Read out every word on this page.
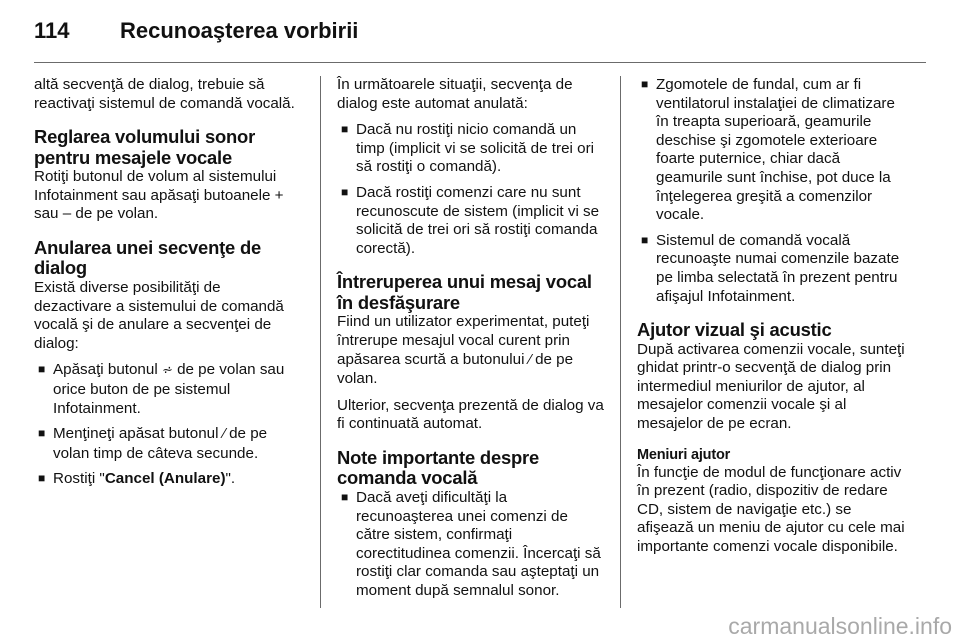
114	Recunoaşterea vorbirii

altă secvenţă de dialog, trebuie să reactivaţi sistemul de comandă vocală.

Reglarea volumului sonor pentru mesajele vocale

Rotiţi butonul de volum al sistemului Infotainment sau apăsaţi butoanele + sau – de pe volan.

Anularea unei secvenţe de dialog

Există diverse posibilităţi de dezactivare a sistemului de comandă vocală şi de anulare a secvenţei de dialog:

■ Apăsaţi butonul ⩫ de pe volan sau orice buton de pe sistemul Infotainment.
■ Menţineţi apăsat butonul ⁄ de pe volan timp de câteva secunde.
■ Rostiţi "Cancel (Anulare)".

În următoarele situaţii, secvenţa de dialog este automat anulată:

■ Dacă nu rostiţi nicio comandă un timp (implicit vi se solicită de trei ori să rostiţi o comandă).
■ Dacă rostiţi comenzi care nu sunt recunoscute de sistem (implicit vi se solicită de trei ori să rostiţi comanda corectă).
Întreruperea unui mesaj vocal în desfăşurare

Fiind un utilizator experimentat, puteţi întrerupe mesajul vocal curent prin apăsarea scurtă a butonului ⁄ de pe volan.

Ulterior, secvenţa prezentă de dialog va fi continuată automat.

Note importante despre comanda vocală
■ Dacă aveţi dificultăţi la recunoaşterea unei comenzi de către sistem, confirmaţi corectitudinea comenzii. Încercaţi să rostiţi clar comanda sau aşteptaţi un moment după semnalul sonor.
■ Zgomotele de fundal, cum ar fi ventilatorul instalaţiei de climatizare în treapta superioară, geamurile deschise şi zgomotele exterioare foarte puternice, chiar dacă geamurile sunt închise, pot duce la înţelegerea greşită a comenzilor vocale.
■ Sistemul de comandă vocală recunoaşte numai comenzile bazate pe limba selectată în prezent pentru afişajul Infotainment.
Ajutor vizual şi acustic

După activarea comenzii vocale, sunteţi ghidat printr-o secvenţă de dialog prin intermediul meniurilor de ajutor, al mesajelor comenzii vocale şi al mesajelor de pe ecran.

Meniuri ajutor

În funcţie de modul de funcţionare activ în prezent (radio, dispozitiv de redare CD, sistem de navigaţie etc.) se afişează un meniu de ajutor cu cele mai importante comenzi vocale disponibile.

carmanualsonline.info
